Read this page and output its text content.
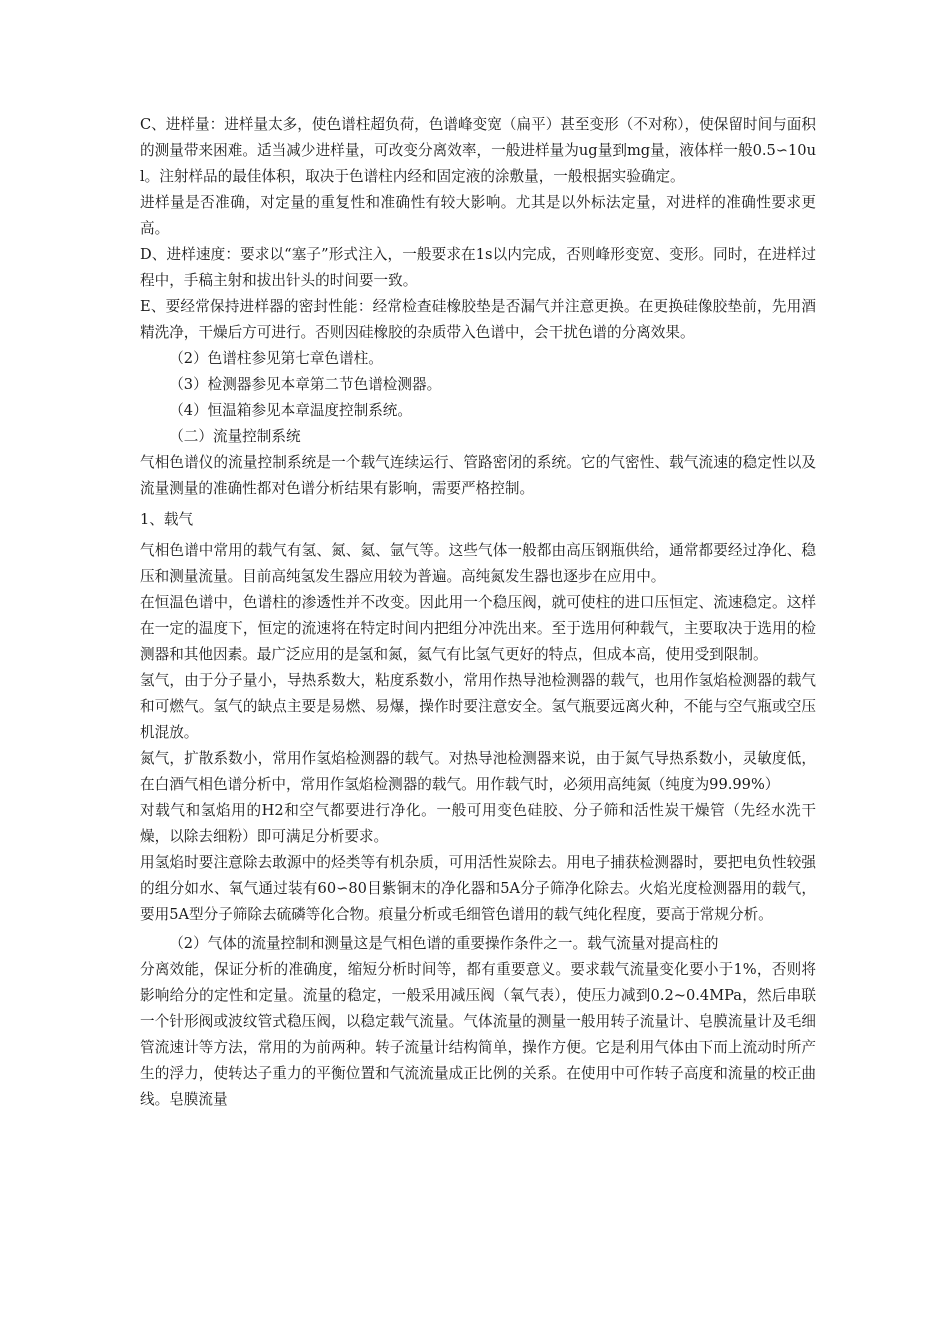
C、进样量：进样量太多，使色谱柱超负荷，色谱峰变宽（扁平）甚至变形（不对称），使保留时间与面积的测量带来困难。适当减少进样量，可改变分离效率，一般进样量为ug量到mg量，液体样一般0.5∽10ul。注射样品的最佳体积，取决于色谱柱内经和固定液的涂敷量，一般根据实验确定。

进样量是否准确，对定量的重复性和准确性有较大影响。尤其是以外标法定量，对进样的准确性要求更高。

D、进样速度：要求以“塞子”形式注入，一般要求在1s以内完成，否则峰形变宽、变形。同时，在进样过程中，手稿主射和拔出针头的时间要一致。

E、要经常保持进样器的密封性能：经常检查硅橡胶垫是否漏气并注意更换。在更换硅像胶垫前，先用酒精洗净，干燥后方可进行。否则因硅橡胶的杂质带入色谱中，会干扰色谱的分离效果。

（2）色谱柱参见第七章色谱柱。

（3）检测器参见本章第二节色谱检测器。

（4）恒温箱参见本章温度控制系统。

（二）流量控制系统

气相色谱仪的流量控制系统是一个载气连续运行、管路密闭的系统。它的气密性、载气流速的稳定性以及流量测量的准确性都对色谱分析结果有影响，需要严格控制。

1、载气

气相色谱中常用的载气有氢、氮、氦、氩气等。这些气体一般都由高压钢瓶供给，通常都要经过净化、稳压和测量流量。目前高纯氢发生器应用较为普遍。高纯氮发生器也逐步在应用中。

在恒温色谱中，色谱柱的渗透性并不改变。因此用一个稳压阀，就可使柱的进口压恒定、流速稳定。这样在一定的温度下，恒定的流速将在特定时间内把组分冲洗出来。至于选用何种载气，主要取决于选用的检测器和其他因素。最广泛应用的是氢和氮，氦气有比氢气更好的特点，但成本高，使用受到限制。

氢气，由于分子量小，导热系数大，粘度系数小，常用作热导池检测器的载气，也用作氢焰检测器的载气和可燃气。氢气的缺点主要是易燃、易爆，操作时要注意安全。氢气瓶要远离火种，不能与空气瓶或空压机混放。

氮气，扩散系数小，常用作氢焰检测器的载气。对热导池检测器来说，由于氮气导热系数小，灵敏度低，在白酒气相色谱分析中，常用作氢焰检测器的载气。用作载气时，必须用高纯氮（纯度为99.99%）

对载气和氢焰用的H2和空气都要进行净化。一般可用变色硅胶、分子筛和活性炭干燥管（先经水洗干燥，以除去细粉）即可满足分析要求。

用氢焰时要注意除去敢源中的烃类等有机杂质，可用活性炭除去。用电子捕获检测器时，要把电负性较强的组分如水、氧气通过装有60∽80目紫铜末的净化器和5A分子筛净化除去。火焰光度检测器用的载气，要用5A型分子筛除去硫磷等化合物。痕量分析或毛细管色谱用的载气纯化程度，要高于常规分析。

（2）气体的流量控制和测量这是气相色谱的重要操作条件之一。载气流量对提高柱的

分离效能，保证分析的准确度，缩短分析时间等，都有重要意义。要求载气流量变化要小于1%，否则将影响给分的定性和定量。流量的稳定，一般采用减压阀（氧气表），使压力减到0.2~0.4MPa，然后串联一个针形阀或波纹管式稳压阀，以稳定载气流量。气体流量的测量一般用转子流量计、皂膜流量计及毛细管流速计等方法，常用的为前两种。转子流量计结构简单，操作方便。它是利用气体由下而上流动时所产生的浮力，使转达子重力的平衡位置和气流流量成正比例的关系。在使用中可作转子高度和流量的校正曲线。皂膜流量
